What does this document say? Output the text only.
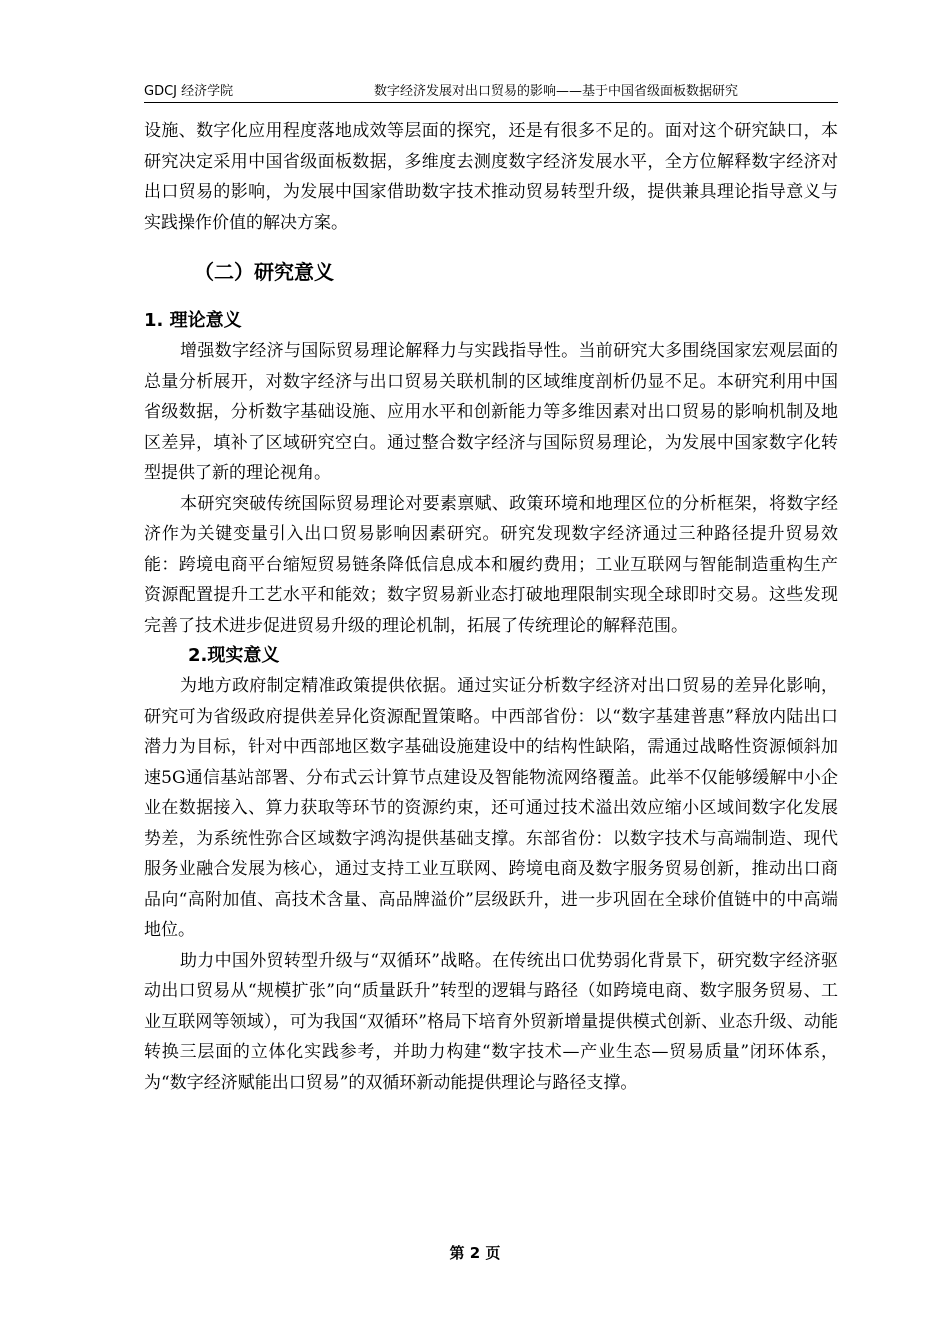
GDCJ 经济学院	数字经济发展对出口贸易的影响——基于中国省级面板数据研究

设施、数字化应用程度落地成效等层面的探究，还是有很多不足的。面对这个研究缺口，本研究决定采用中国省级面板数据，多维度去测度数字经济发展水平，全方位解释数字经济对出口贸易的影响，为发展中国家借助数字技术推动贸易转型升级，提供兼具理论指导意义与实践操作价值的解决方案。

（二）研究意义
1. 理论意义

增强数字经济与国际贸易理论解释力与实践指导性。当前研究大多围绕国家宏观层面的总量分析展开，对数字经济与出口贸易关联机制的区域维度剖析仍显不足。本研究利用中国省级数据，分析数字基础设施、应用水平和创新能力等多维因素对出口贸易的影响机制及地区差异，填补了区域研究空白。通过整合数字经济与国际贸易理论，为发展中国家数字化转型提供了新的理论视角。

本研究突破传统国际贸易理论对要素禀赋、政策环境和地理区位的分析框架，将数字经济作为关键变量引入出口贸易影响因素研究。研究发现数字经济通过三种路径提升贸易效能：跨境电商平台缩短贸易链条降低信息成本和履约费用；工业互联网与智能制造重构生产资源配置提升工艺水平和能效；数字贸易新业态打破地理限制实现全球即时交易。这些发现完善了技术进步促进贸易升级的理论机制，拓展了传统理论的解释范围。

2.现实意义

为地方政府制定精准政策提供依据。通过实证分析数字经济对出口贸易的差异化影响，研究可为省级政府提供差异化资源配置策略。中西部省份：以“数字基建普惠”释放内陆出口潜力为目标，针对中西部地区数字基础设施建设中的结构性缺陷，需通过战略性资源倾斜加速5G通信基站部署、分布式云计算节点建设及智能物流网络覆盖。此举不仅能够缓解中小企业在数据接入、算力获取等环节的资源约束，还可通过技术溢出效应缩小区域间数字化发展势差，为系统性弥合区域数字鸿沟提供基础支撑。东部省份：以数字技术与高端制造、现代服务业融合发展为核心，通过支持工业互联网、跨境电商及数字服务贸易创新，推动出口商品向“高附加值、高技术含量、高品牌溢价”层级跃升，进一步巩固在全球价值链中的中高端地位。

助力中国外贸转型升级与“双循环”战略。在传统出口优势弱化背景下，研究数字经济驱动出口贸易从“规模扩张”向“质量跃升”转型的逻辑与路径（如跨境电商、数字服务贸易、工业互联网等领域），可为我国“双循环”格局下培育外贸新增量提供模式创新、业态升级、动能转换三层面的立体化实践参考，并助力构建“数字技术—产业生态—贸易质量”闭环体系，为“数字经济赋能出口贸易”的双循环新动能提供理论与路径支撑。

第 2 页
